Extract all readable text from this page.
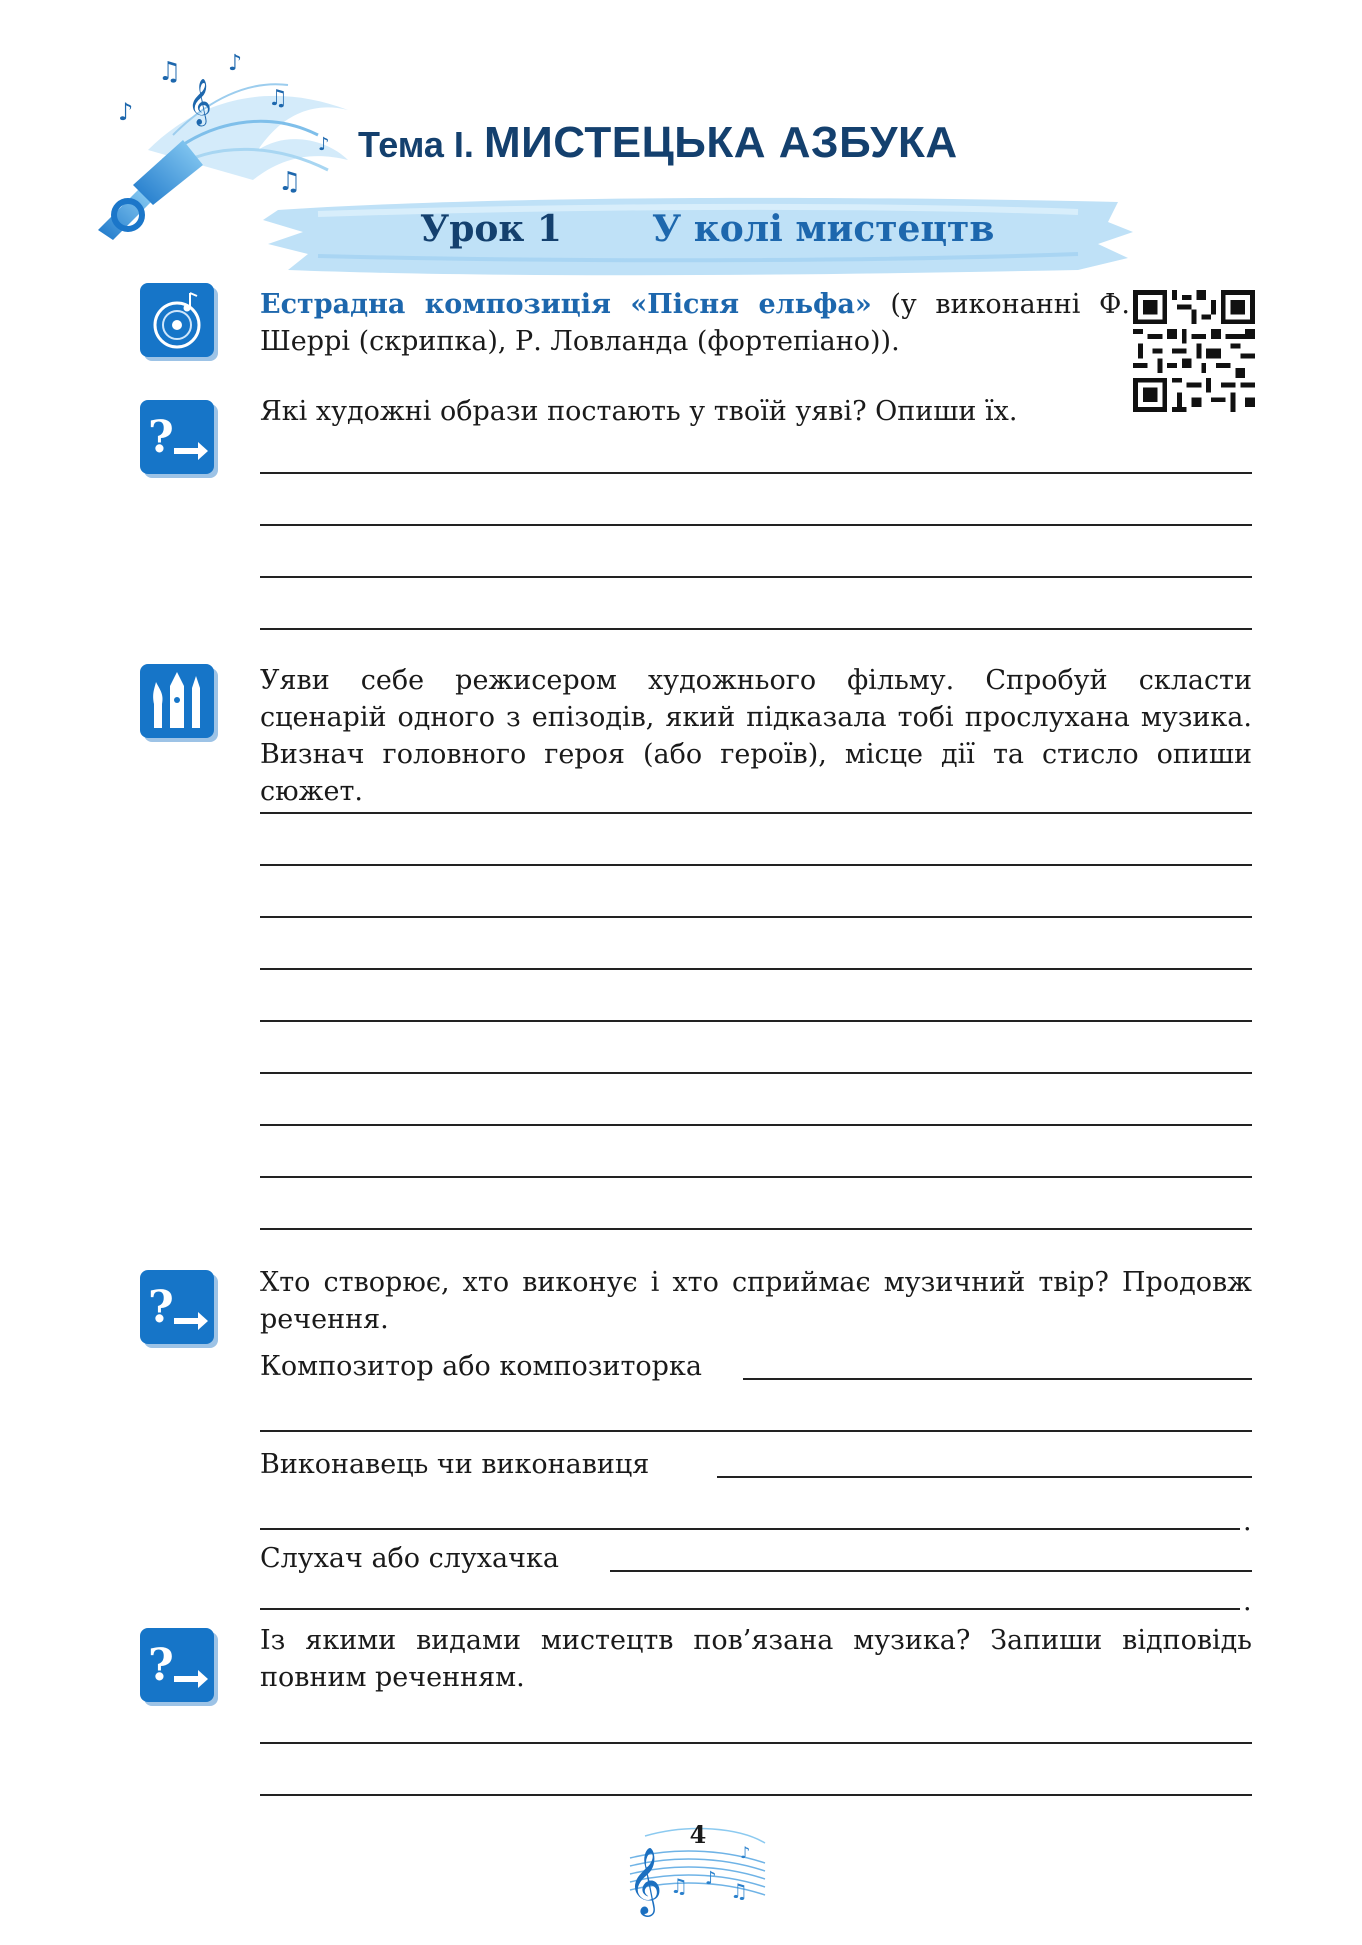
♫ ♪
♪ 𝄞	♫
♫
♪ Тема I. МИСТЕЦЬКА АЗБУКА
Урок 1	У колі мистецтв
Естрадна композиція «Пісня ельфа» (у виконанні Ф. Шеррі (скрипка), Р. Ловланда (фортепіано)).
?
Які художні образи постають у твоїй уяві? Опиши їх.
Уяви себе режисером художнього фільму. Спробуй скласти сценарій одного з епізодів, який підказала тобі прослухана музика. Визнач головного героя (або героїв), місце дії та стисло опиши сюжет.
?	Хто створює, хто виконує і хто сприймає музичний твір? Продовж речення.
Композитор або композиторка
Виконавець чи виконавиця
.
Слухач або слухачка
.
?	Із якими видами мистецтв пов’язана музика? Запиши відповідь повним реченням.
𝄞 ♫ ♪
♫
♪
4
